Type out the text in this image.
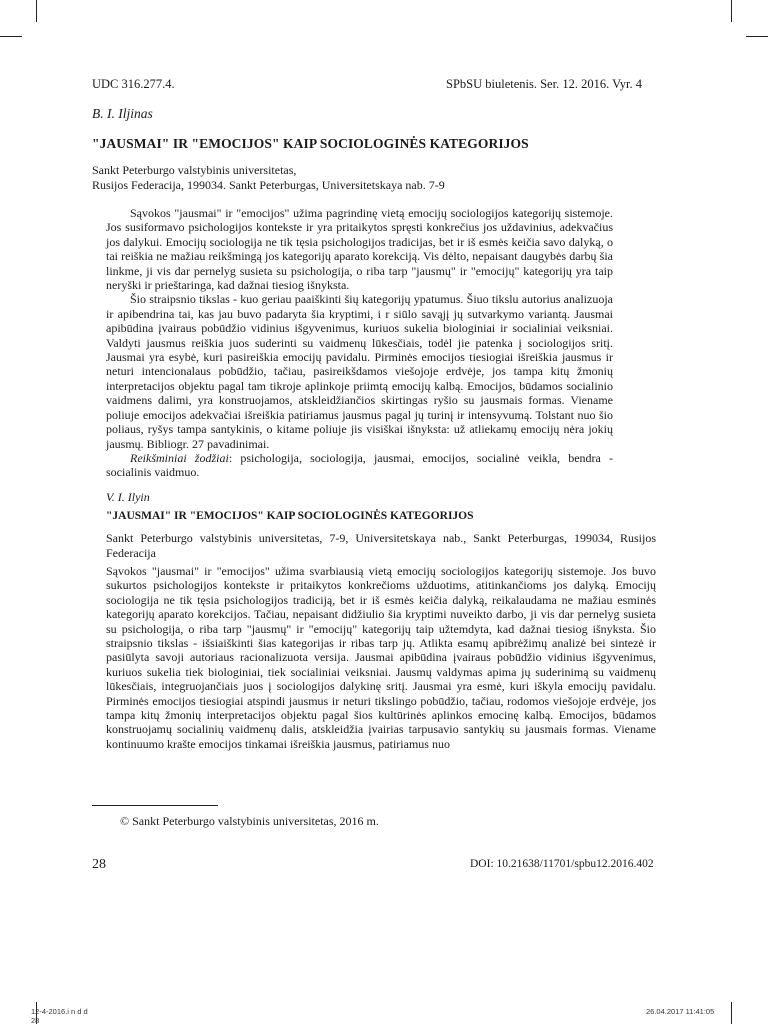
UDC 316.277.4.	SPbSU biuletenis. Ser. 12. 2016. Vyr. 4
B. I. Iljinas
"JAUSMAI" IR "EMOCIJOS" KAIP SOCIOLOGINĖS KATEGORIJOS
Sankt Peterburgo valstybinis universitetas,
Rusijos Federacija, 199034. Sankt Peterburgas, Universitetskaya nab. 7-9

Sąvokos "jausmai" ir "emocijos" užima pagrindinę vietą emocijų sociologijos kategorijų sistemoje. Jos susiformavo psichologijos kontekste ir yra pritaikytos spręsti konkrečius jos uždavinius, adekvačius jos dalykui. Emocijų sociologija ne tik tęsia psichologijos tradicijas, bet ir iš esmės keičia savo dalyką, o tai reiškia ne mažiau reikšmingą jos kategorijų aparato korekciją. Vis dėlto, nepaisant daugybės darbų šia linkme, ji vis dar pernelyg susieta su psichologija, o riba tarp "jausmų" ir "emocijų" kategorijų yra taip neryški ir prieštaringa, kad dažnai tiesiog išnyksta.

Šio straipsnio tikslas - kuo geriau paaiškinti šių kategorijų ypatumus. Šiuo tikslu autorius analizuoja ir apibendrina tai, kas jau buvo padaryta šia kryptimi, i r siūlo savąjį jų sutvarkymo variantą. Jausmai apibūdina įvairaus pobūdžio vidinius išgyvenimus, kuriuos sukelia biologiniai ir socialiniai veiksniai. Valdyti jausmus reiškia juos suderinti su vaidmenų lūkesčiais, todėl jie patenka į sociologijos sritį. Jausmai yra esybė, kuri pasireiškia emocijų pavidalu. Pirminės emocijos tiesiogiai išreiškia jausmus ir neturi intencionalaus pobūdžio, tačiau, pasireikšdamos viešojoje erdvėje, jos tampa kitų žmonių interpretacijos objektu pagal tam tikroje aplinkoje priimtą emocijų kalbą. Emocijos, būdamos socialinio vaidmens dalimi, yra konstruojamos, atskleidžiančios skirtingas ryšio su jausmais formas. Viename poliuje emocijos adekvačiai išreiškia patiriamus jausmus pagal jų turinį ir intensyvumą. Tolstant nuo šio poliaus, ryšys tampa santykinis, o kitame poliuje jis visiškai išnyksta: už atliekamų emocijų nėra jokių jausmų. Bibliogr. 27 pavadinimai.

Reikšminiai žodžiai: psichologija, sociologija, jausmai, emocijos, socialinė veikla, bendra - socialinis vaidmuo.

V. I. Ilyin
"JAUSMAI" IR "EMOCIJOS" KAIP SOCIOLOGINĖS KATEGORIJOS
Sankt Peterburgo valstybinis universitetas, 7-9, Universitetskaya nab., Sankt Peterburgas, 199034, Rusijos Federacija

Sąvokos "jausmai" ir "emocijos" užima svarbiausią vietą emocijų sociologijos kategorijų sistemoje. Jos buvo sukurtos psichologijos kontekste ir pritaikytos konkrečioms užduotims, atitinkančioms jos dalyką. Emocijų sociologija ne tik tęsia psichologijos tradiciją, bet ir iš esmės keičia dalyką, reikalaudama ne mažiau esminės kategorijų aparato korekcijos. Tačiau, nepaisant didžiulio šia kryptimi nuveikto darbo, ji vis dar pernelyg susieta su psichologija, o riba tarp "jausmų" ir "emocijų" kategorijų taip užtemdyta, kad dažnai tiesiog išnyksta. Šio straipsnio tikslas - išsiaiškinti šias kategorijas ir ribas tarp jų. Atlikta esamų apibrėžimų analizė bei sintezė ir pasiūlyta savoji autoriaus racionalizuota versija. Jausmai apibūdina įvairaus pobūdžio vidinius išgyvenimus, kuriuos sukelia tiek biologiniai, tiek socialiniai veiksniai. Jausmų valdymas apima jų suderinimą su vaidmenų lūkesčiais, integruojančiais juos į sociologijos dalykinę sritį. Jausmai yra esmė, kuri iškyla emocijų pavidalu. Pirminės emocijos tiesiogiai atspindi jausmus ir neturi tikslingo pobūdžio, tačiau, rodomos viešojoje erdvėje, jos tampa kitų žmonių interpretacijos objektu pagal šios kultūrinės aplinkos emocinę kalbą. Emocijos, būdamos konstruojamų socialinių vaidmenų dalis, atskleidžia įvairias tarpusavio santykių su jausmais formas. Viename kontinuumo krašte emocijos tinkamai išreiškia jausmus, patiriamus nuo

© Sankt Peterburgo valstybinis universitetas, 2016 m.
28	DOI: 10.21638/11701/spbu12.2016.402
12-4-2016.i n d d
28
26.04.2017 11:41:05
